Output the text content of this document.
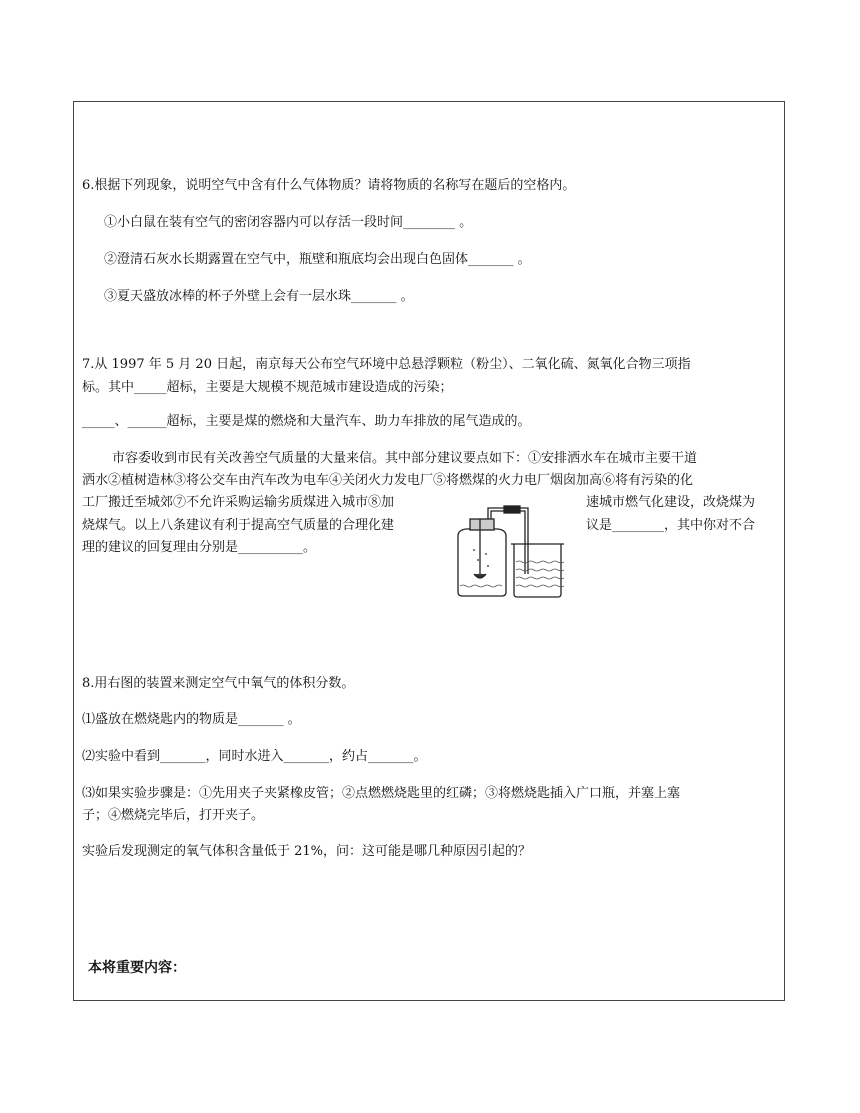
6.根据下列现象，说明空气中含有什么气体物质？请将物质的名称写在题后的空格内。
①小白鼠在装有空气的密闭容器内可以存活一段时间________ 。
②澄清石灰水长期露置在空气中，瓶壁和瓶底均会出现白色固体_______ 。
③夏天盛放冰棒的杯子外壁上会有一层水珠_______ 。
7.从 1997 年 5 月 20 日起，南京每天公布空气环境中总悬浮颗粒（粉尘）、二氧化硫、氮氧化合物三项指
标。其中_____超标，主要是大规模不规范城市建设造成的污染；
_____、______超标，主要是煤的燃烧和大量汽车、助力车排放的尾气造成的。
市容委收到市民有关改善空气质量的大量来信。其中部分建议要点如下：①安排洒水车在城市主要干道
洒水②植树造林③将公交车由汽车改为电车④关闭火力发电厂⑤将燃煤的火力电厂烟囱加高⑥将有污染的化
工厂搬迁至城郊⑦不允许采购运输劣质煤进入城市⑧加	速城市燃气化建设，改烧煤为
烧煤气。以上八条建议有利于提高空气质量的合理化建	议是________，其中你对不合
理的建议的回复理由分别是__________。
8.用右图的装置来测定空气中氧气的体积分数。
⑴盛放在燃烧匙内的物质是_______ 。
⑵实验中看到_______，同时水进入_______，约占_______。
⑶如果实验步骤是：①先用夹子夹紧橡皮管；②点燃燃烧匙里的红磷；③将燃烧匙插入广口瓶，并塞上塞
子；④燃烧完毕后，打开夹子。
实验后发现测定的氧气体积含量低于 21%，问：这可能是哪几种原因引起的？
本将重要内容：
